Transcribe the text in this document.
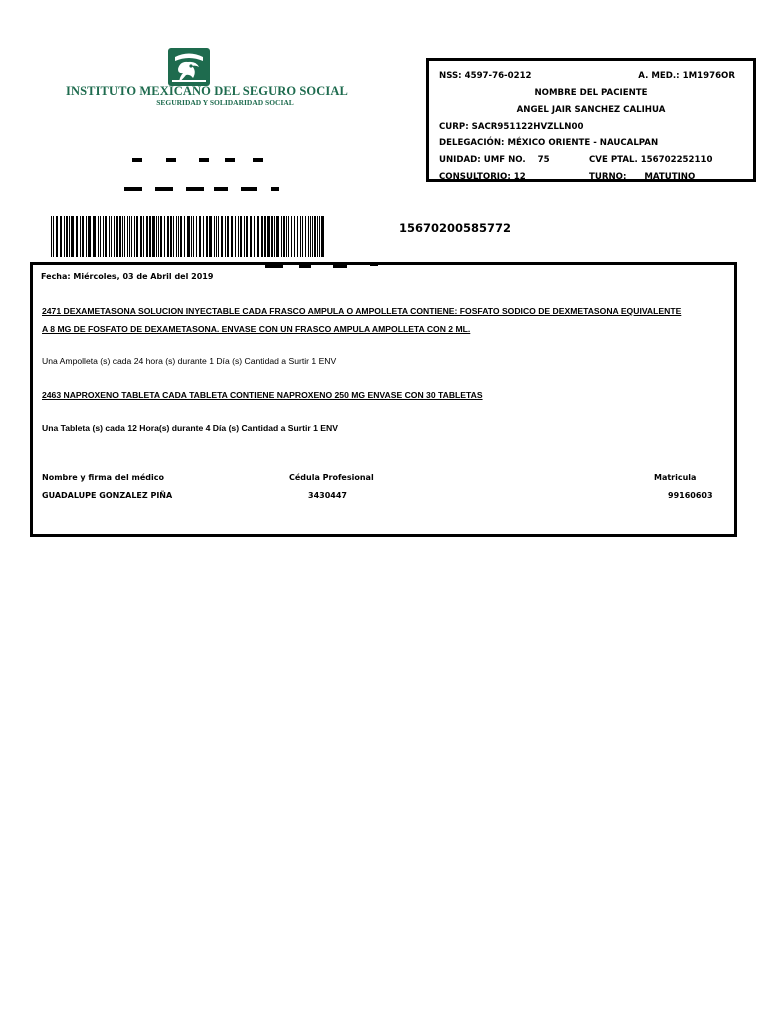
INSTITUTO MEXICANO DEL SEGURO SOCIAL
SEGURIDAD Y SOLIDARIDAD SOCIAL
NSS: 4597-76-0212	A. MED.: 1M1976OR
NOMBRE DEL PACIENTE
ANGEL JAIR SANCHEZ CALIHUA
CURP: SACR951122HVZLLN00
DELEGACIÓN: MÉXICO ORIENTE - NAUCALPAN
UNIDAD: UMF NO.    75	CVE PTAL. 156702252110
CONSULTORIO: 12	TURNO:      MATUTINO
15670200585772
Fecha: Miércoles, 03 de Abril del 2019
2471 DEXAMETASONA SOLUCION INYECTABLE CADA FRASCO AMPULA O AMPOLLETA CONTIENE: FOSFATO SODICO DE DEXMETASONA EQUIVALENTE
A 8 MG DE FOSFATO DE DEXAMETASONA. ENVASE CON UN FRASCO AMPULA AMPOLLETA CON 2 ML.
Una Ampolleta (s) cada 24 hora (s) durante 1 Día (s) Cantidad a Surtir 1 ENV
2463 NAPROXENO TABLETA CADA TABLETA CONTIENE NAPROXENO 250 MG ENVASE CON 30 TABLETAS
Una Tableta (s) cada 12 Hora(s) durante 4 Día (s) Cantidad a Surtir 1 ENV
Nombre y firma del médico
GUADALUPE GONZALEZ PIÑA
Cédula Profesional
3430447
Matricula
99160603
